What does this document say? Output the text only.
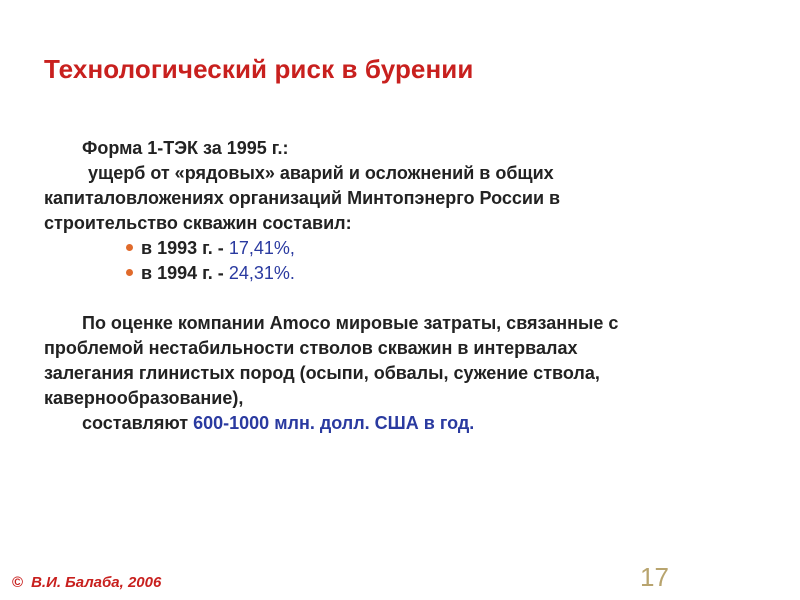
Технологический риск в бурении
Форма 1-ТЭК за 1995 г.:
ущерб от «рядовых» аварий и осложнений в общих
капиталовложениях организаций Минтопэнерго России в
строительство скважин составил:
в 1993 г. - 17,41%,
в 1994 г. - 24,31%.
По оценке компании Amoco мировые затраты, связанные с
проблемой нестабильности стволов скважин в интервалах
залегания глинистых пород (осыпи, обвалы, сужение ствола,
кавернообразование),
составляют 600-1000 млн. долл. США в год.
© В.И. Балаба, 2006	17
